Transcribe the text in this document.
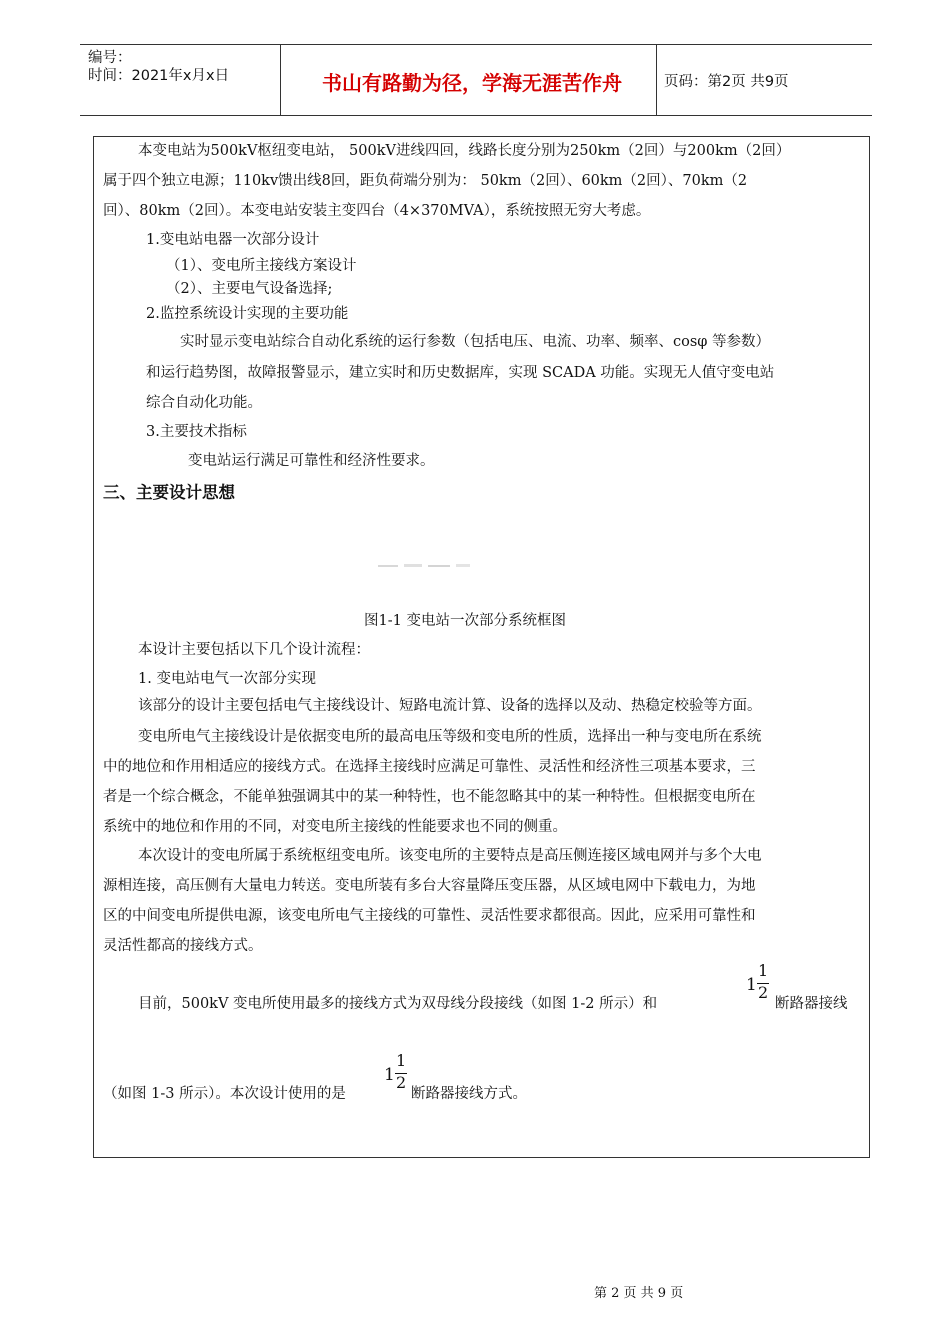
编号：
时间：2021年x月x日	书山有路勤为径，学海无涯苦作舟	页码：第2页 共9页
本变电站为500kV枢纽变电站， 500kV进线四回，线路长度分别为250km（2回）与200km（2回）
属于四个独立电源；110kv馈出线8回，距负荷端分别为： 50km（2回）、60km（2回）、70km（2
回）、80km（2回）。本变电站安装主变四台（4×370MVA），系统按照无穷大考虑。
1.变电站电器一次部分设计
（1）、变电所主接线方案设计
（2）、主要电气设备选择;
2.监控系统设计实现的主要功能
实时显示变电站综合自动化系统的运行参数（包括电压、电流、功率、频率、cosφ 等参数）
和运行趋势图，故障报警显示，建立实时和历史数据库，实现 SCADA 功能。实现无人值守变电站
综合自动化功能。
3.主要技术指标
变电站运行满足可靠性和经济性要求。
三、主要设计思想
图1-1 变电站一次部分系统框图
本设计主要包括以下几个设计流程：
1. 变电站电气一次部分实现
该部分的设计主要包括电气主接线设计、短路电流计算、设备的选择以及动、热稳定校验等方面。
变电所电气主接线设计是依据变电所的最高电压等级和变电所的性质，选择出一种与变电所在系统
中的地位和作用相适应的接线方式。在选择主接线时应满足可靠性、灵活性和经济性三项基本要求，三
者是一个综合概念，不能单独强调其中的某一种特性，也不能忽略其中的某一种特性。但根据变电所在
系统中的地位和作用的不同，对变电所主接线的性能要求也不同的侧重。
本次设计的变电所属于系统枢纽变电所。该变电所的主要特点是高压侧连接区域电网并与多个大电
源相连接，高压侧有大量电力转送。变电所装有多台大容量降压变压器，从区域电网中下载电力，为地
区的中间变电所提供电源，该变电所电气主接线的可靠性、灵活性要求都很高。因此，应采用可靠性和
灵活性都高的接线方式。
目前，500kV 变电所使用最多的接线方式为双母线分段接线（如图 1-2 所示）和
1
1
2
断路器接线
（如图 1-3 所示）。本次设计使用的是
1
1
2
断路器接线方式。
第 2 页 共 9 页
